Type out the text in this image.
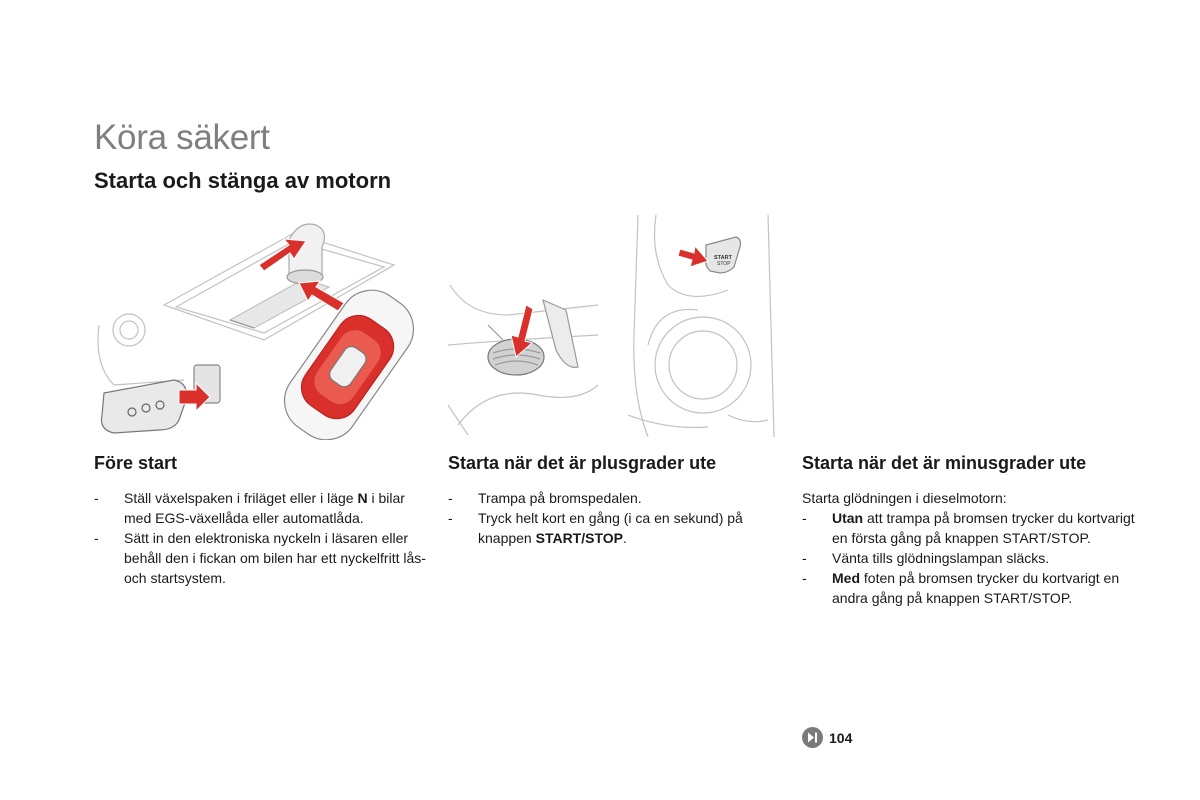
Köra säkert
Starta och stänga av motorn
START
STOP
Före start
- Ställ växelspaken i friläget eller i läge N i bilar med EGS-växellåda eller automatlåda.
- Sätt in den elektroniska nyckeln i läsaren eller behåll den i fickan om bilen har ett nyckelfritt lås- och startsystem.
Starta när det är plusgrader ute
- Trampa på bromspedalen.
- Tryck helt kort en gång (i ca en sekund) på knappen START/STOP.
Starta när det är minusgrader ute

Starta glödningen i dieselmotorn:

- Utan att trampa på bromsen trycker du kortvarigt en första gång på knappen START/STOP.
- Vänta tills glödningslampan släcks.
- Med foten på bromsen trycker du kortvarigt en andra gång på knappen START/STOP.
104
